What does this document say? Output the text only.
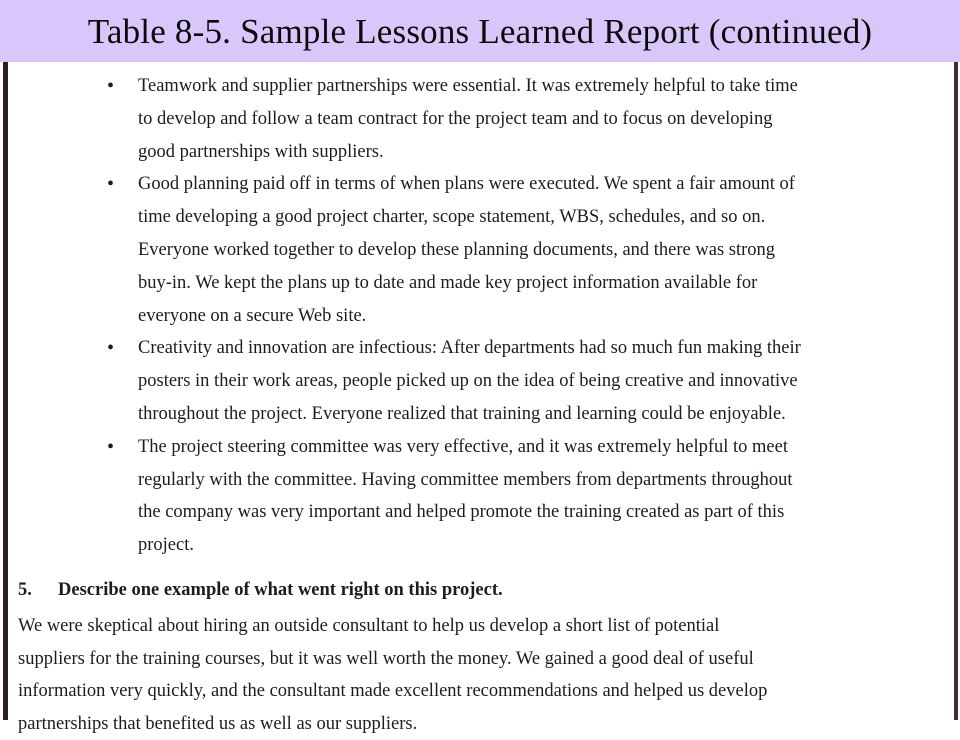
Table 8-5. Sample Lessons Learned Report (continued)
•	Teamwork and supplier partnerships were essential. It was extremely helpful to take time
to develop and follow a team contract for the project team and to focus on developing
good partnerships with suppliers.
•	Good planning paid off in terms of when plans were executed. We spent a fair amount of
time developing a good project charter, scope statement, WBS, schedules, and so on.
Everyone worked together to develop these planning documents, and there was strong
buy-in. We kept the plans up to date and made key project information available for
everyone on a secure Web site.
•	Creativity and innovation are infectious: After departments had so much fun making their
posters in their work areas, people picked up on the idea of being creative and innovative
throughout the project. Everyone realized that training and learning could be enjoyable.
•	The project steering committee was very effective, and it was extremely helpful to meet
regularly with the committee. Having committee members from departments throughout
the company was very important and helped promote the training created as part of this
project.
5. Describe one example of what went right on this project.
We were skeptical about hiring an outside consultant to help us develop a short list of potential
suppliers for the training courses, but it was well worth the money. We gained a good deal of useful
information very quickly, and the consultant made excellent recommendations and helped us develop
partnerships that benefited us as well as our suppliers.
